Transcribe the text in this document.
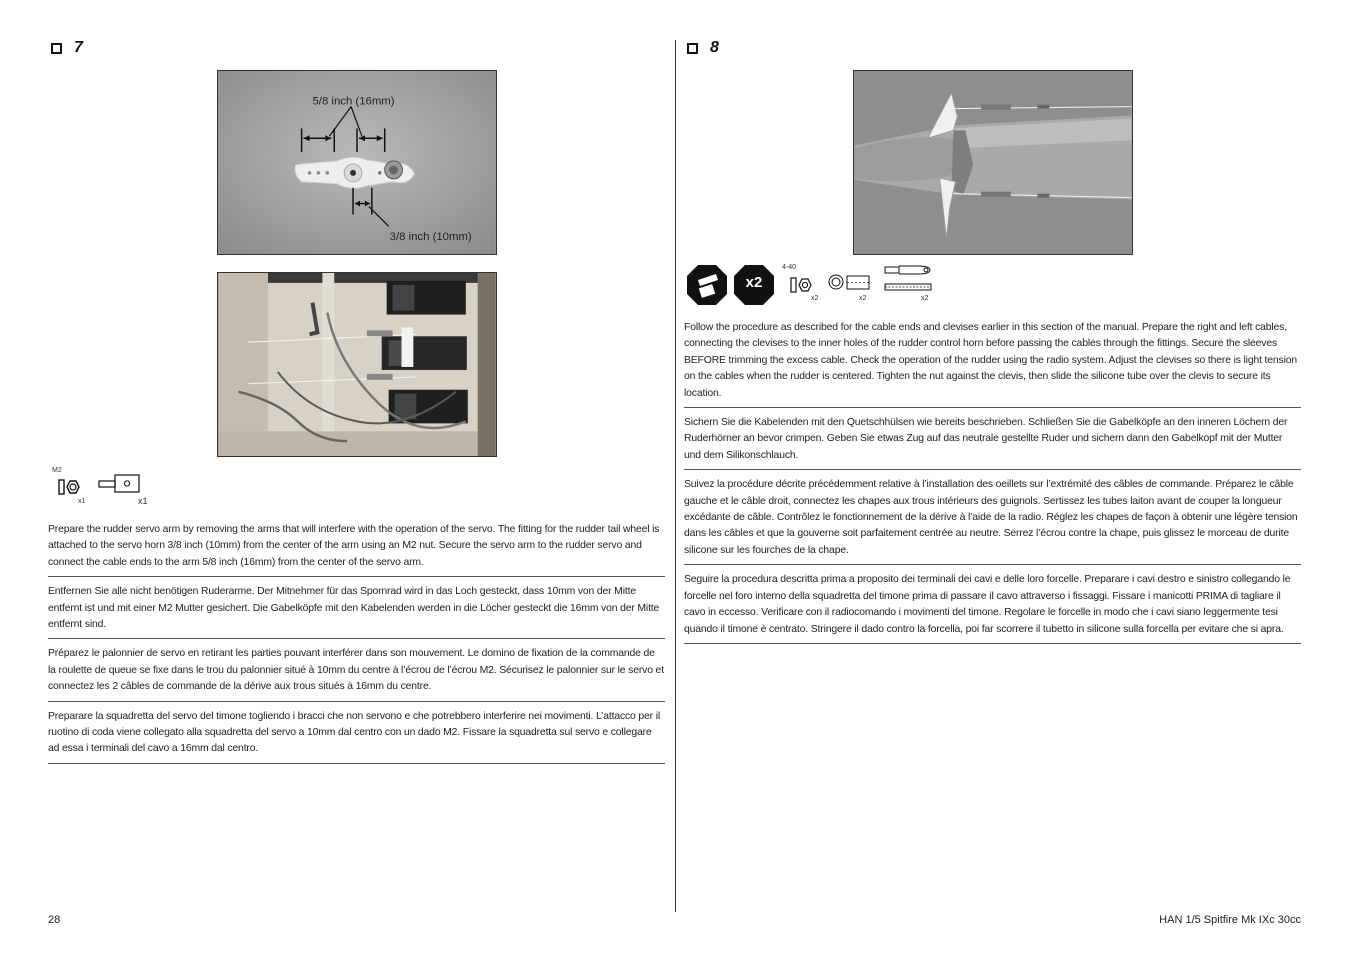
7
5/8 inch (16mm)
3/8 inch (10mm)
M2
x1	x1
Prepare the rudder servo arm by removing the arms that will interfere with the operation of the servo. The fitting for the rudder tail wheel is attached to the servo horn 3/8 inch (10mm) from the center of the arm using an M2 nut. Secure the servo arm to the rudder servo and connect the cable ends to the arm 5/8 inch (16mm) from the center of the servo arm.
Entfernen Sie alle nicht benötigen Ruderarme. Der Mitnehmer für das Spornrad wird in das Loch gesteckt, dass 10mm von der Mitte entfernt ist und mit einer M2 Mutter gesichert. Die Gabelköpfe mit den Kabelenden werden in die Löcher gesteckt die 16mm von der Mitte entfernt sind.
Préparez le palonnier de servo en retirant les parties pouvant interférer dans son mouvement. Le domino de fixation de la commande de la roulette de queue se fixe dans le trou du palonnier situé à 10mm du centre à l’écrou de l’écrou M2. Sécurisez le palonnier sur le servo et connectez les 2 câbles de commande de la dérive aux trous situés à 16mm du centre.
Preparare la squadretta del servo del timone togliendo i bracci che non servono e che potrebbero interferire nei movimenti. L’attacco per il ruotino di coda viene collegato alla squadretta del servo a 10mm dal centro con un dado M2. Fissare la squadretta sul servo e collegare ad essa i terminali del cavo a 16mm dal centro.
28
8
x2
4-40
x2	x2	x2
Follow the procedure as described for the cable ends and clevises earlier in this section of the manual. Prepare the right and left cables, connecting the clevises to the inner holes of the rudder control horn before passing the cables through the fittings. Secure the sleeves BEFORE trimming the excess cable. Check the operation of the rudder using the radio system. Adjust the clevises so there is light tension on the cables when the rudder is centered. Tighten the nut against the clevis, then slide the silicone tube over the clevis to secure its location.
Sichern Sie die Kabelenden mit den Quetschhülsen wie bereits beschrieben. Schließen Sie die Gabelköpfe an den inneren Löchern der Ruderhörner an bevor crimpen. Geben Sie etwas Zug auf das neutrale gestellte Ruder und sichern dann den Gabelkopf mit der Mutter und dem Silikonschlauch.
Suivez la procédure décrite précédemment relative à l’installation des oeillets sur l’extrémité des câbles de commande. Préparez le câble gauche et le câble droit, connectez les chapes aux trous intérieurs des guignols. Sertissez les tubes laiton avant de couper la longueur excédante de câble. Contrôlez le fonctionnement de la dérive à l’aide de la radio. Réglez les chapes de façon à obtenir une légère tension dans les câbles et que la gouverne soit parfaitement centrée au neutre. Serrez l’écrou contre la chape, puis glissez le morceau de durite silicone sur les fourches de la chape.
Seguire la procedura descritta prima a proposito dei terminali dei cavi e delle loro forcelle. Preparare i cavi destro e sinistro collegando le forcelle nel foro interno della squadretta del timone prima di passare il cavo attraverso i fissaggi. Fissare i manicotti PRIMA di tagliare il cavo in eccesso. Verificare con il radiocomando i movimenti del timone. Regolare le forcelle in modo che i cavi siano leggermente tesi quando il timone è centrato. Stringere il dado contro la forcella, poi far scorrere il tubetto in silicone sulla forcella per evitare che si apra.
HAN 1/5 Spitfire Mk IXc 30cc
